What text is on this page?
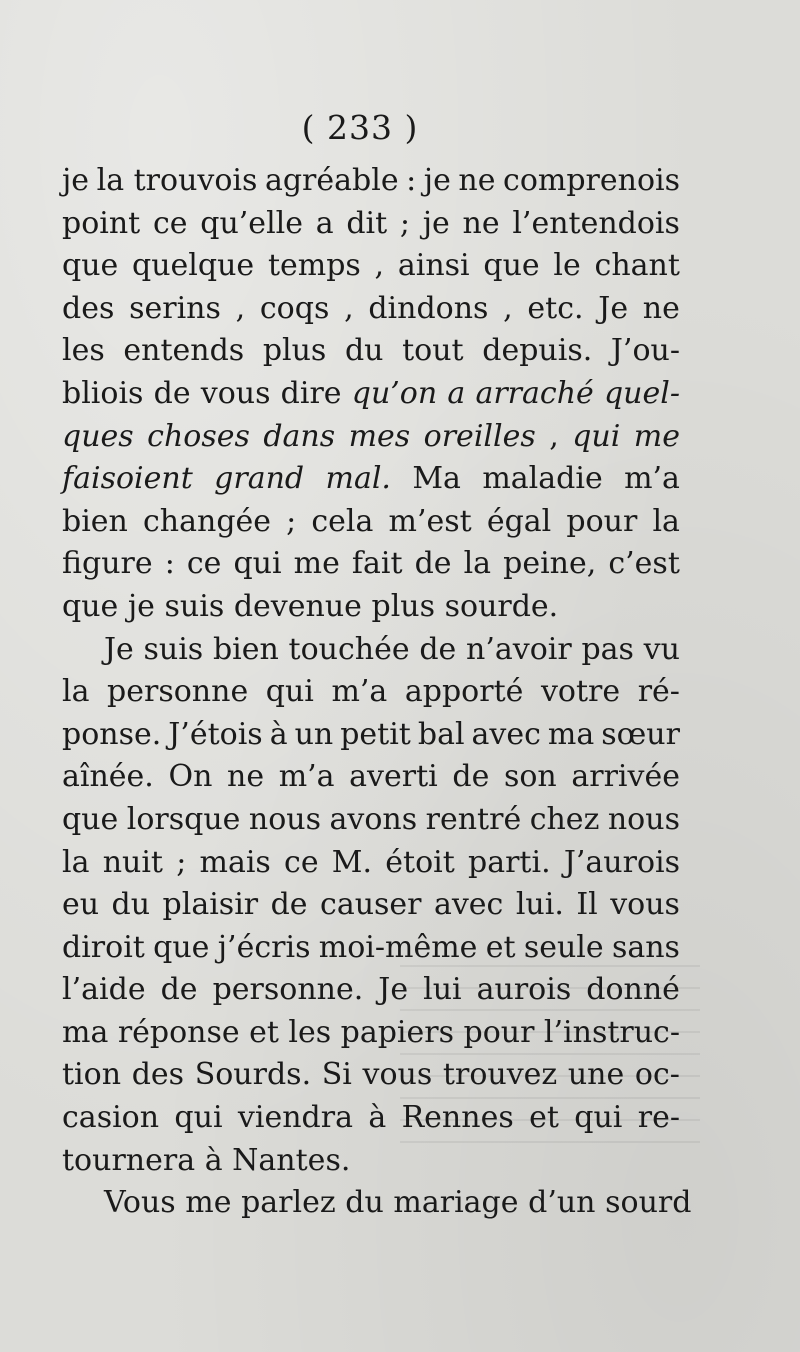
( 233 )
je la trouvois agréable : je ne comprenois
point ce qu’elle a dit ; je ne l’entendois
que quelque temps , ainsi que le chant
des serins , coqs , dindons , etc. Je ne
les entends plus du tout depuis. J’ou-
bliois de vous dire qu’on a arraché quel-
ques choses dans mes oreilles , qui me
faisoient grand mal. Ma maladie m’a
bien changée ; cela m’est égal pour la
figure : ce qui me fait de la peine, c’est
que je suis devenue plus sourde.
Je suis bien touchée de n’avoir pas vu
la personne qui m’a apporté votre ré-
ponse. J’étois à un petit bal avec ma sœur
aînée. On ne m’a averti de son arrivée
que lorsque nous avons rentré chez nous
la nuit ; mais ce M. étoit parti. J’aurois
eu du plaisir de causer avec lui. Il vous
diroit que j’écris moi-même et seule sans
l’aide de personne. Je lui aurois donné
ma réponse et les papiers pour l’instruc-
tion des Sourds. Si vous trouvez une oc-
casion qui viendra à Rennes et qui re-
tournera à Nantes.
Vous me parlez du mariage d’un sourd
